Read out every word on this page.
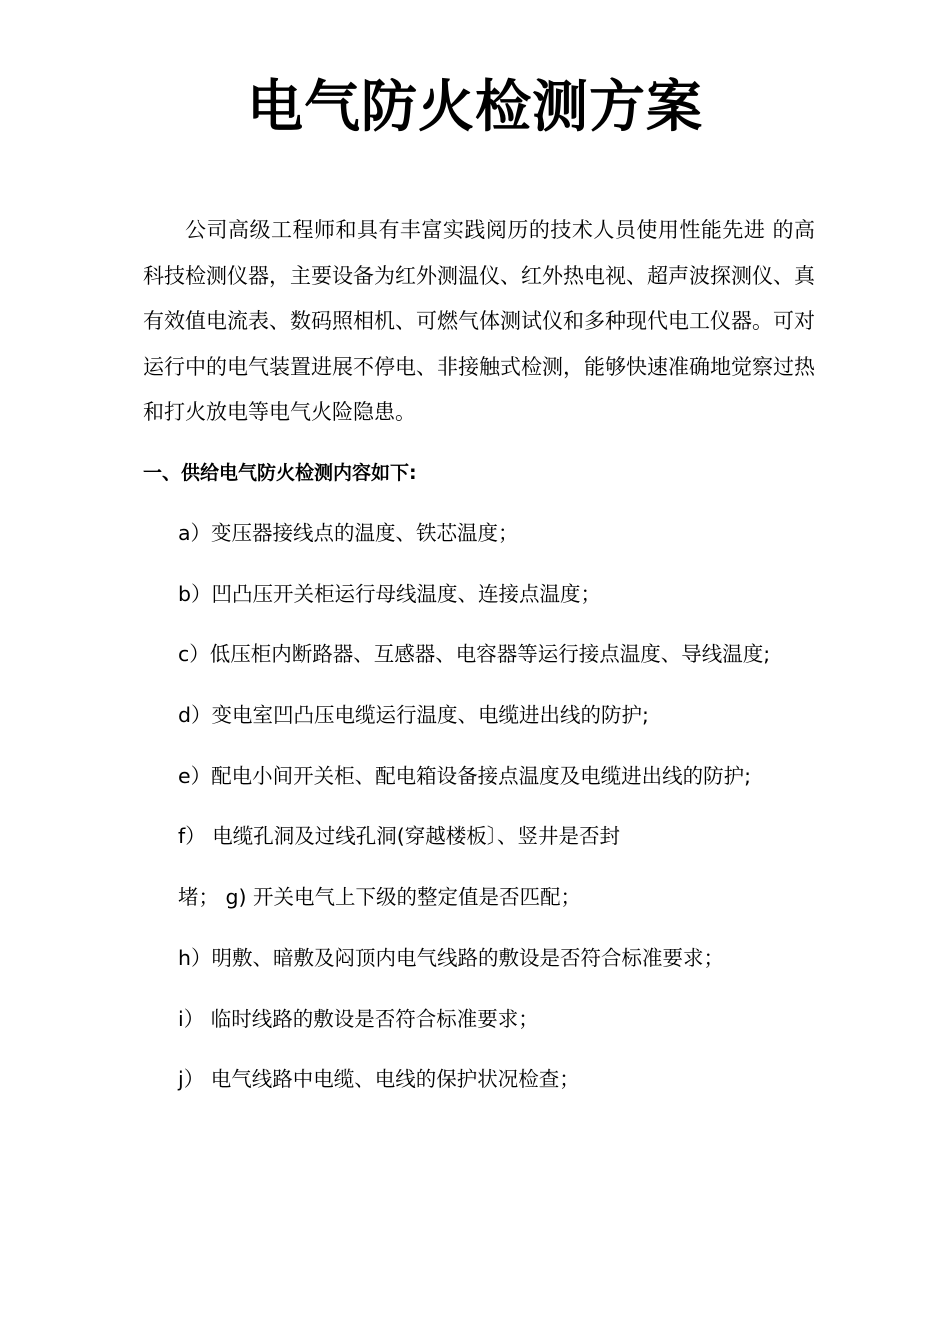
电气防火检测方案

公司高级工程师和具有丰富实践阅历的技术人员使用性能先进 的高科技检测仪器，主要设备为红外测温仪、红外热电视、超声波探测仪、真有效值电流表、数码照相机、可燃气体测试仪和多种现代电工仪器。可对运行中的电气装置进展不停电、非接触式检测，能够快速准确地觉察过热和打火放电等电气火险隐患。

一、供给电气防火检测内容如下:
a）变压器接线点的温度、铁芯温度；
b）凹凸压开关柜运行母线温度、连接点温度；
c）低压柜内断路器、互感器、电容器等运行接点温度、导线温度;
d）变电室凹凸压电缆运行温度、电缆进出线的防护;
e）配电小间开关柜、配电箱设备接点温度及电缆进出线的防护;
f） 电缆孔洞及过线孔洞(穿越楼板〕、竖井是否封
堵； g) 开关电气上下级的整定值是否匹配；
h）明敷、暗敷及闷顶内电气线路的敷设是否符合标准要求；
i） 临时线路的敷设是否符合标准要求；
j） 电气线路中电缆、电线的保护状况检查；
